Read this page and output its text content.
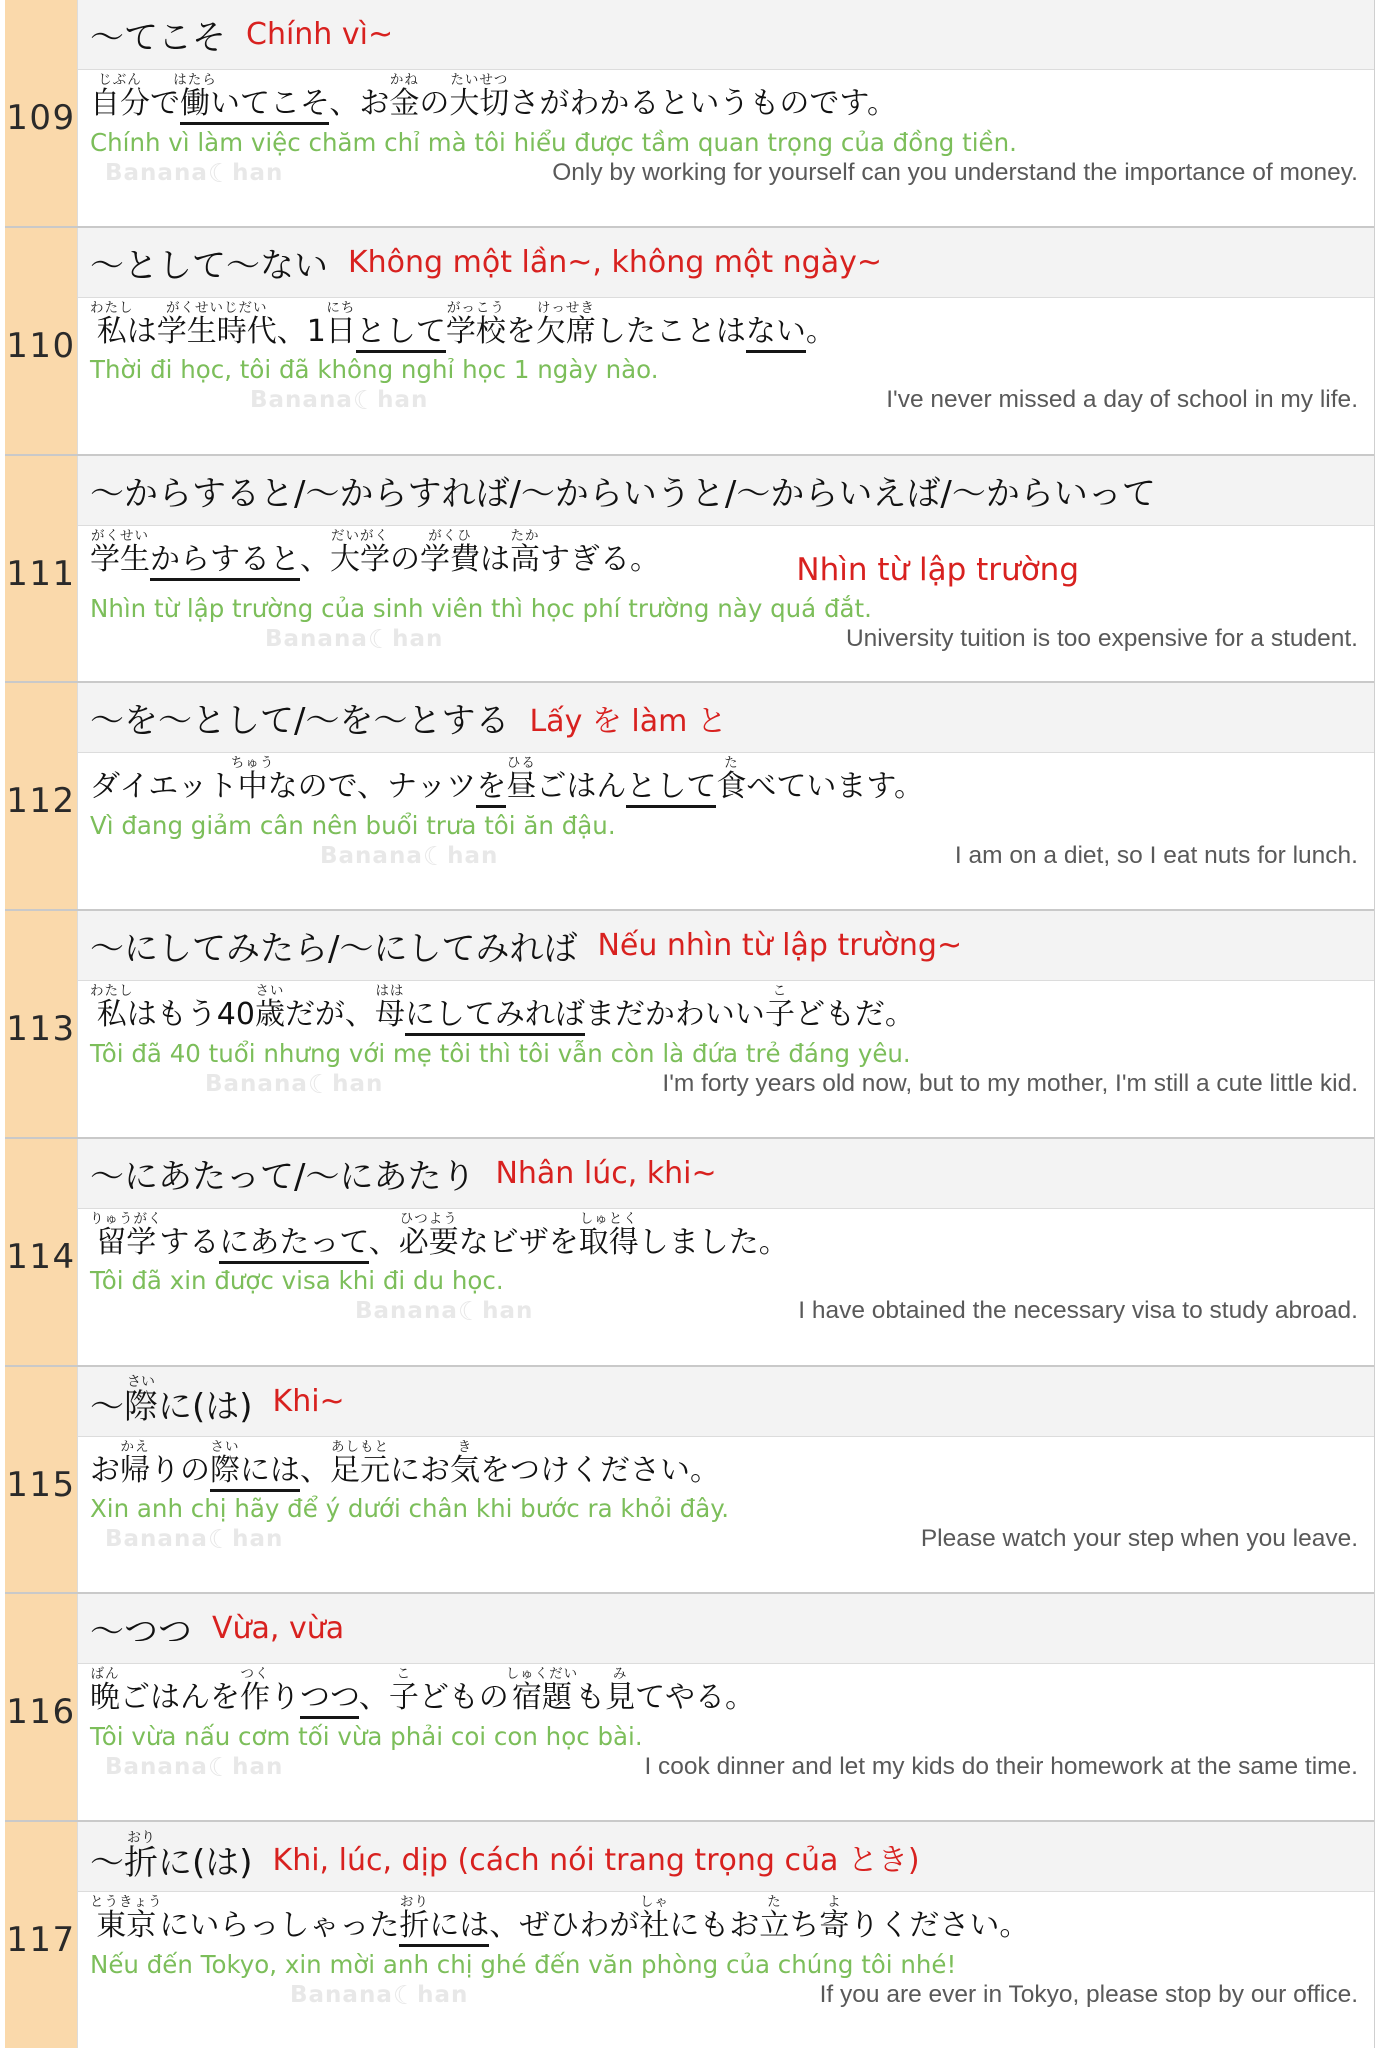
109
～てこそ Chính vì~
自分じぶんで働はたらいてこそ、お金かねの大切たいせつさがわかるというものです。
Chính vì làm việc chăm chỉ mà tôi hiểu được tầm quan trọng của đồng tiền.
Banana☾han	Only by working for yourself can you understand the importance of money.
110
～として～ない Không một lần~, không một ngày~
私わたしは学生時代がくせいじだい、1日にちとして学校がっこうを欠席けっせきしたことはない。
Thời đi học, tôi đã không nghỉ học 1 ngày nào.
Banana☾han	I've never missed a day of school in my life.
111
～からすると/～からすれば/～からいうと/～からいえば/～からいって
学生がくせいからすると、大学だいがくの学費がくひは高たかすぎる。	Nhìn từ lập trường
Nhìn từ lập trường của sinh viên thì học phí trường này quá đắt.
Banana☾han	University tuition is too expensive for a student.
112
～を～として/～を～とする Lấy を làm と
ダイエット中ちゅうなので、ナッツを昼ひるごはんとして食たべています。
Vì đang giảm cân nên buổi trưa tôi ăn đậu.
Banana☾han	I am on a diet, so I eat nuts for lunch.
113
～にしてみたら/～にしてみれば Nếu nhìn từ lập trường~
私わたしはもう40歳さいだが、母ははにしてみればまだかわいい子こどもだ。
Tôi đã 40 tuổi nhưng với mẹ tôi thì tôi vẫn còn là đứa trẻ đáng yêu.
Banana☾han	I'm forty years old now, but to my mother, I'm still a cute little kid.
114
～にあたって/～にあたり Nhân lúc, khi~
留学りゅうがくするにあたって、必要ひつようなビザを取得しゅとくしました。
Tôi đã xin được visa khi đi du học.
Banana☾han	I have obtained the necessary visa to study abroad.
115
～際さいに(は) Khi~
お帰かえりの際さいには、足元あしもとにお気きをつけください。
Xin anh chị hãy để ý dưới chân khi bước ra khỏi đây.
Banana☾han	Please watch your step when you leave.
116
～つつ Vừa, vừa
晩ばんごはんを作つくりつつ、子こどもの宿題しゅくだいも見みてやる。
Tôi vừa nấu cơm tối vừa phải coi con học bài.
Banana☾han	I cook dinner and let my kids do their homework at the same time.
117
～折おりに(は) Khi, lúc, dịp (cách nói trang trọng của とき)
東京とうきょうにいらっしゃった折おりには、ぜひわが社しゃにもお立たち寄よりください。
Nếu đến Tokyo, xin mời anh chị ghé đến văn phòng của chúng tôi nhé!
Banana☾han	If you are ever in Tokyo, please stop by our office.
